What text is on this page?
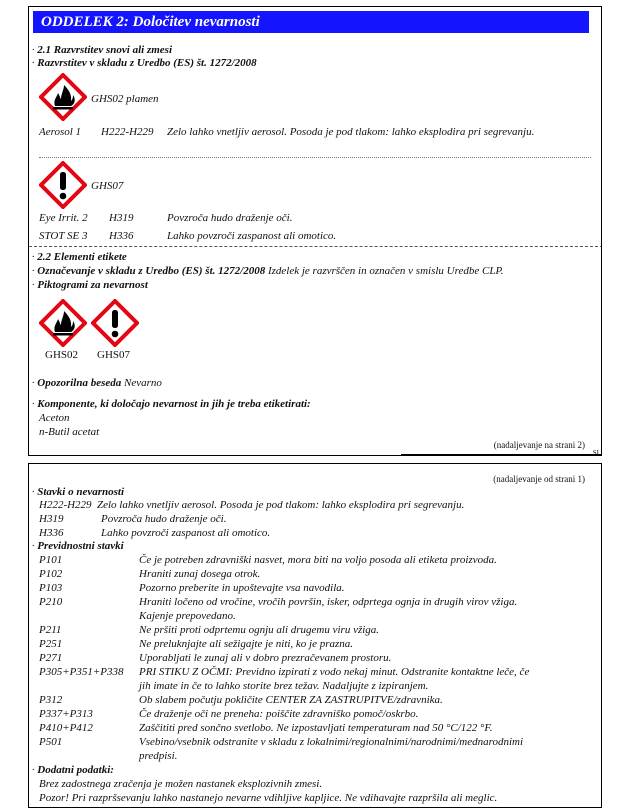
ODDELEK 2: Določitev nevarnosti
· 2.1 Razvrstitev snovi ali zmesi
· Razvrstitev v skladu z Uredbo (ES) št. 1272/2008
GHS02 plamen
Aerosol 1 H222-H229 Zelo lahko vnetljiv aerosol. Posoda je pod tlakom: lahko eksplodira pri segrevanju.
GHS07
Eye Irrit. 2 H319	Povzroča hudo draženje oči.
STOT SE 3 H336	Lahko povzroči zaspanost ali omotico.
· 2.2 Elementi etikete
· Označevanje v skladu z Uredbo (ES) št. 1272/2008 Izdelek je razvrščen in označen v smislu Uredbe CLP.
· Piktogrami za nevarnost
GHS02 GHS07
· Opozorilna beseda Nevarno
· Komponente, ki določajo nevarnost in jih je treba etiketirati:
Aceton
n-Butil acetat
(nadaljevanje na strani 2)
SI
(nadaljevanje od strani 1)
· Stavki o nevarnosti
H222-H229 Zelo lahko vnetljiv aerosol. Posoda je pod tlakom: lahko eksplodira pri segrevanju.
H319	Povzroča hudo draženje oči.
H336	Lahko povzroči zaspanost ali omotico.
· Previdnostni stavki
P101	Če je potreben zdravniški nasvet, mora biti na voljo posoda ali etiketa proizvoda.
P102	Hraniti zunaj dosega otrok.
P103	Pozorno preberite in upoštevajte vsa navodila.
P210	Hraniti ločeno od vročine, vročih površin, isker, odprtega ognja in drugih virov vžiga.
Kajenje prepovedano.
P211	Ne pršiti proti odprtemu ognju ali drugemu viru vžiga.
P251	Ne preluknjajte ali sežigajte je niti, ko je prazna.
P271	Uporabljati le zunaj ali v dobro prezračevanem prostoru.
P305+P351+P338 PRI STIKU Z OČMI: Previdno izpirati z vodo nekaj minut. Odstranite kontaktne leče, če
jih imate in če to lahko storite brez težav. Nadaljujte z izpiranjem.
P312	Ob slabem počutju pokličite CENTER ZA ZASTRUPITVE/zdravnika.
P337+P313	Če draženje oči ne preneha: poiščite zdravniško pomoč/oskrbo.
P410+P412	Zaščititi pred sončno svetlobo. Ne izpostavljati temperaturam nad 50 °C/122 °F.
P501	Vsebino/vsebnik odstranite v skladu z lokalnimi/regionalnimi/narodnimi/mednarodnimi
predpisi.
· Dodatni podatki:
Brez zadostnega zračenja je možen nastanek eksplozivnih zmesi.
Pozor! Pri razpršsevanju lahko nastanejo nevarne vdihljive kapljice. Ne vdihavajte razpršila ali meglic.
